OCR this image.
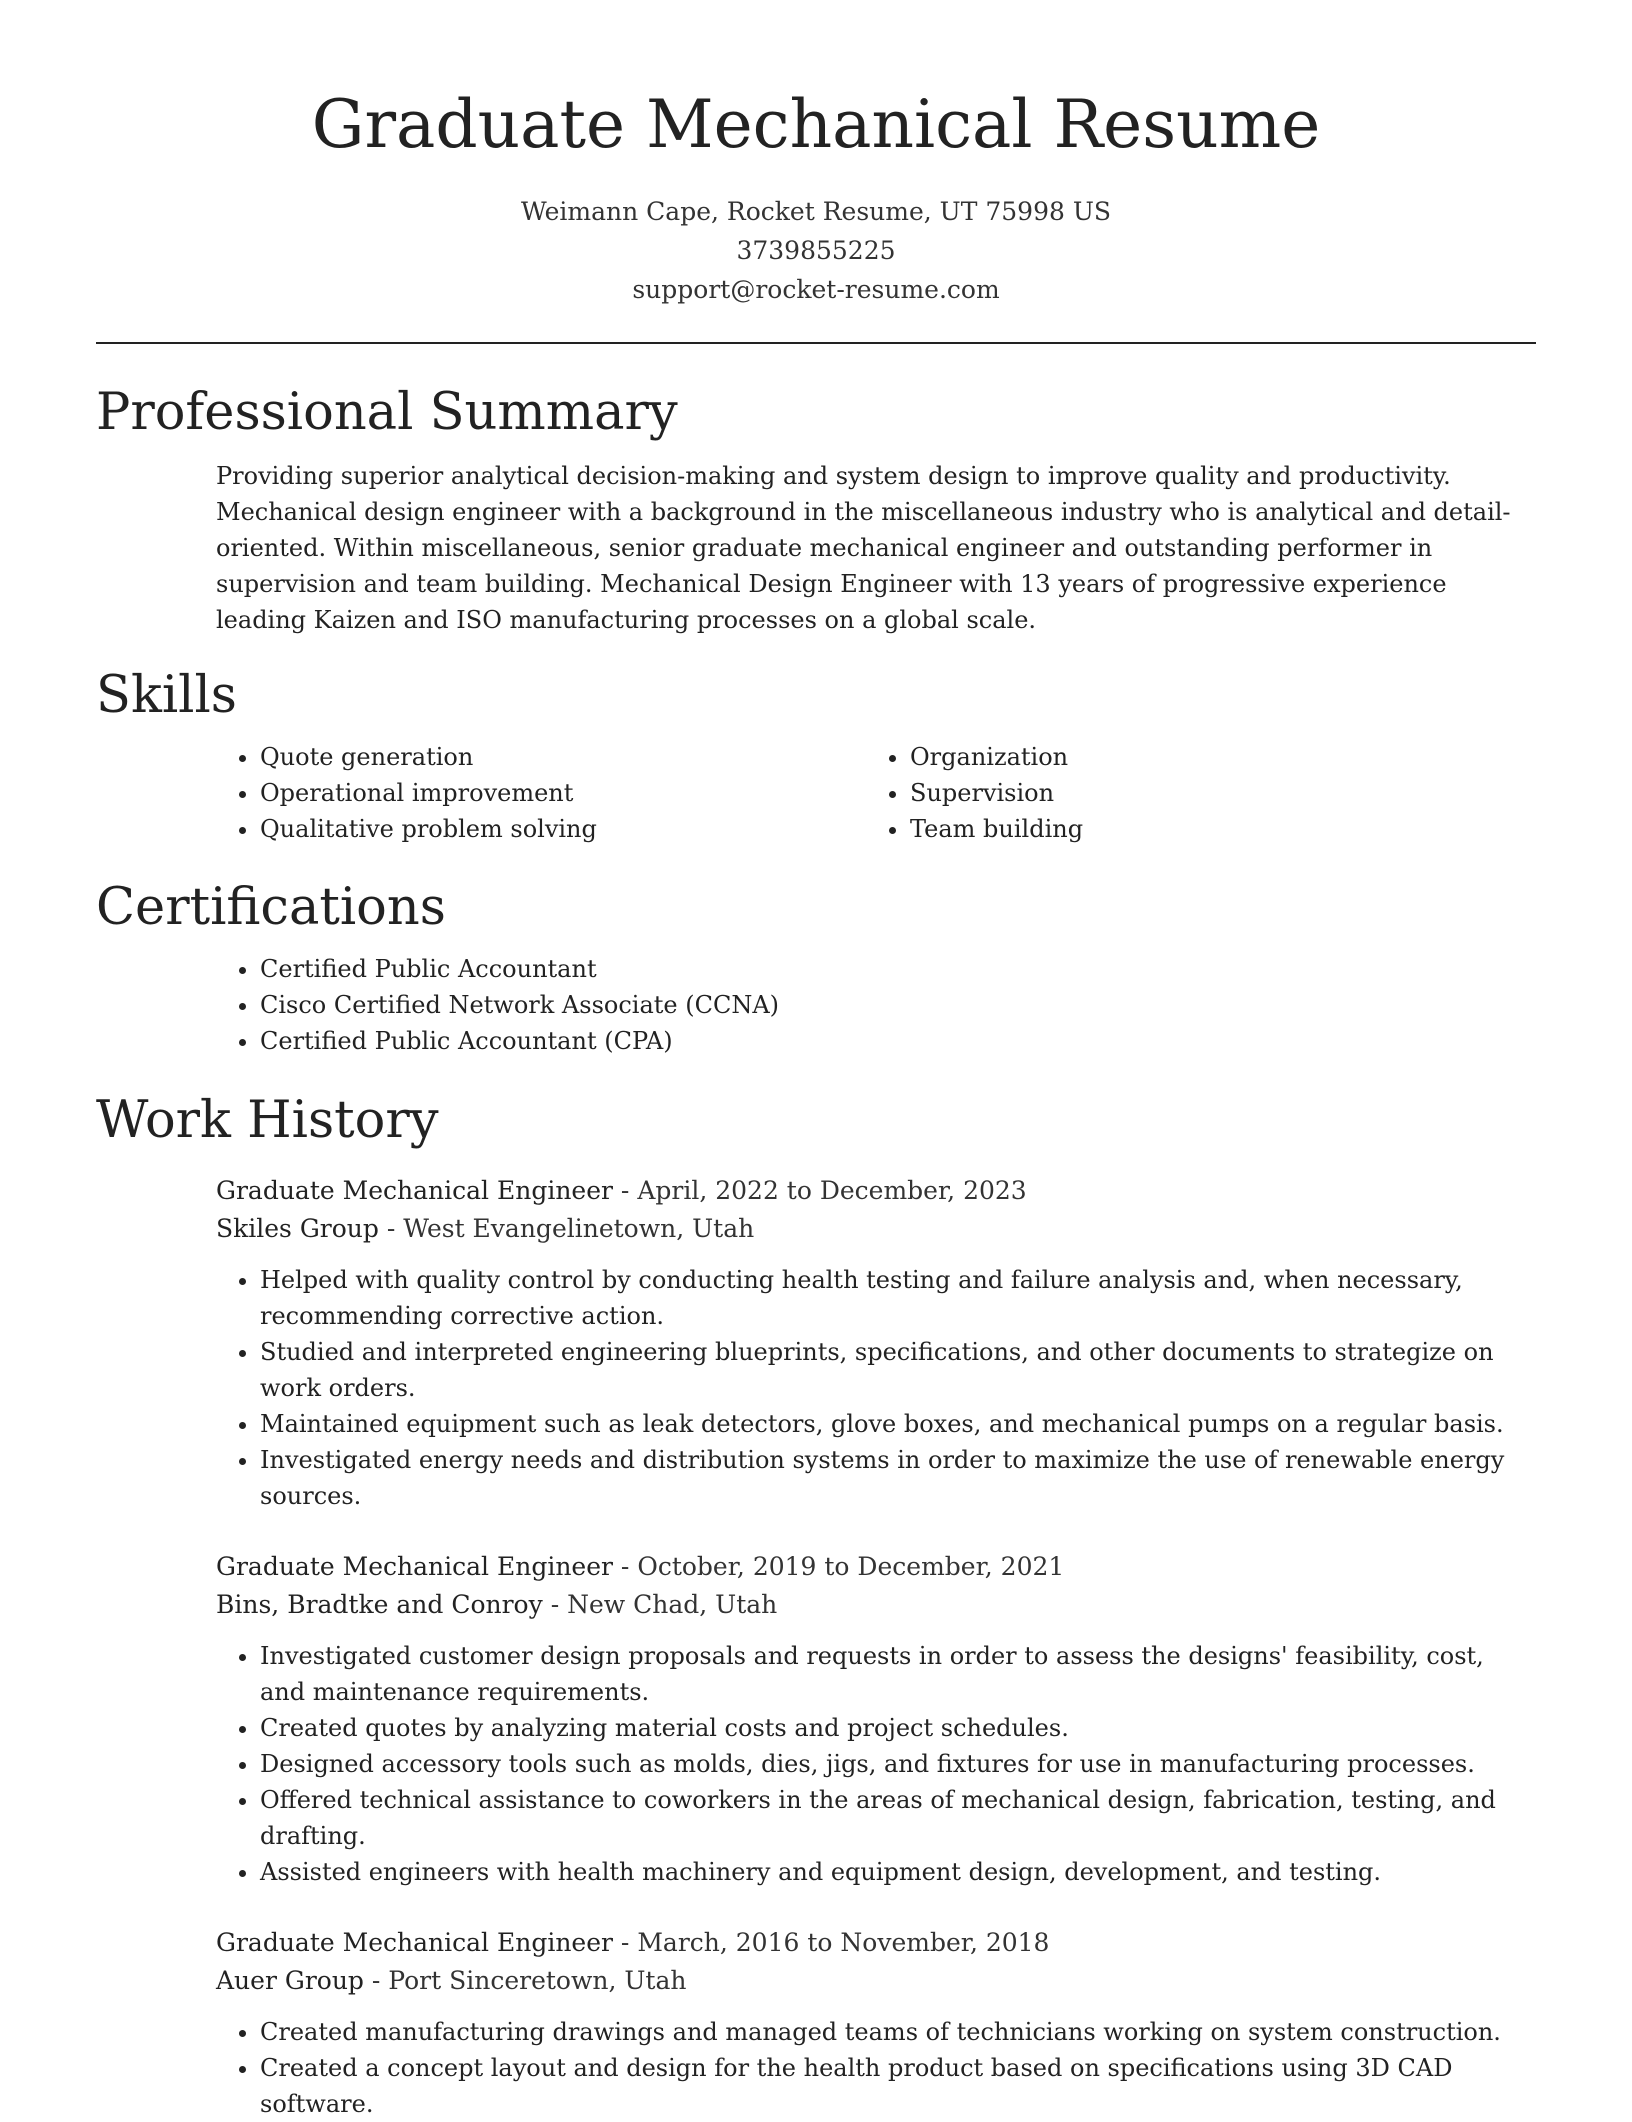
Graduate Mechanical Resume
Weimann Cape, Rocket Resume, UT 75998 US
3739855225
support@rocket-resume.com
Professional Summary

Providing superior analytical decision-making and system design to improve quality and productivity. Mechanical design engineer with a background in the miscellaneous industry who is analytical and detail-oriented. Within miscellaneous, senior graduate mechanical engineer and outstanding performer in supervision and team building. Mechanical Design Engineer with 13 years of progressive experience leading Kaizen and ISO manufacturing processes on a global scale.

Skills
• Quote generation
• Operational improvement
• Qualitative problem solving
• Organization
• Supervision
• Team building
Certifications
• Certified Public Accountant
• Cisco Certified Network Associate (CCNA)
• Certified Public Accountant (CPA)
Work History
Graduate Mechanical Engineer - April, 2022 to December, 2023
Skiles Group - West Evangelinetown, Utah
• Helped with quality control by conducting health testing and failure analysis and, when necessary, recommending corrective action.
• Studied and interpreted engineering blueprints, specifications, and other documents to strategize on work orders.
• Maintained equipment such as leak detectors, glove boxes, and mechanical pumps on a regular basis.
• Investigated energy needs and distribution systems in order to maximize the use of renewable energy sources.
Graduate Mechanical Engineer - October, 2019 to December, 2021
Bins, Bradtke and Conroy - New Chad, Utah
• Investigated customer design proposals and requests in order to assess the designs' feasibility, cost, and maintenance requirements.
• Created quotes by analyzing material costs and project schedules.
• Designed accessory tools such as molds, dies, jigs, and fixtures for use in manufacturing processes.
• Offered technical assistance to coworkers in the areas of mechanical design, fabrication, testing, and drafting.
• Assisted engineers with health machinery and equipment design, development, and testing.
Graduate Mechanical Engineer - March, 2016 to November, 2018
Auer Group - Port Sinceretown, Utah
• Created manufacturing drawings and managed teams of technicians working on system construction.
• Created a concept layout and design for the health product based on specifications using 3D CAD software.
